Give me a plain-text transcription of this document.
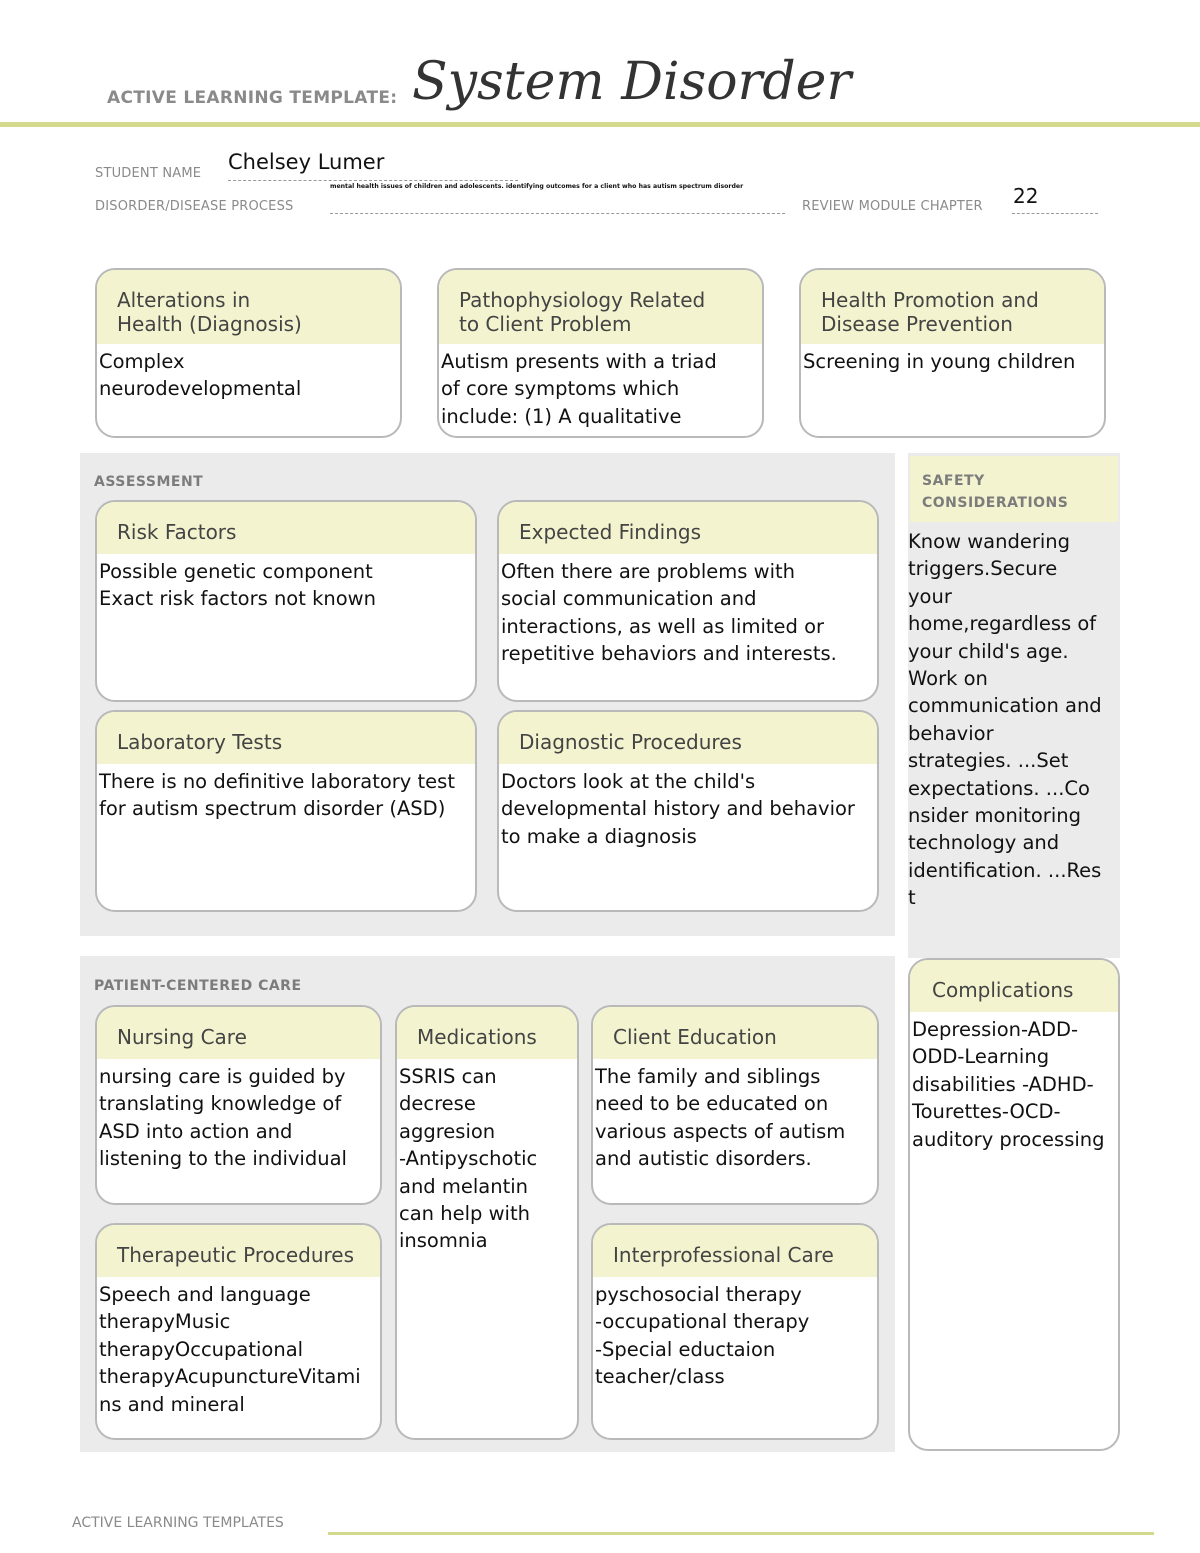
ACTIVE LEARNING TEMPLATE: System Disorder
STUDENT NAME Chelsey Lumer
DISORDER/DISEASE PROCESS
mental health issues of children and adolescents. identifying outcomes for a client who has autism spectrum disorder
REVIEW MODULE CHAPTER 22
Alterations in
Health (Diagnosis)
Complex
neurodevelopmental
Pathophysiology Related
to Client Problem
Autism presents with a triad
of core symptoms which
include: (1) A qualitative
Health Promotion and
Disease Prevention
Screening in young children
ASSESSMENT
Risk Factors
Possible genetic component
Exact risk factors not known
Expected Findings
Often there are problems with
social communication and
interactions, as well as limited or
repetitive behaviors and interests.
Laboratory Tests
There is no definitive laboratory test
for autism spectrum disorder (ASD)
Diagnostic Procedures
Doctors look at the child's
developmental history and behavior
to make a diagnosis
SAFETY
CONSIDERATIONS
Know wandering
triggers.Secure
your
home,regardless of
your child's age.
Work on
communication and
behavior
strategies. ...Set
expectations. ...Co
nsider monitoring
technology and
identification. ...Res
t
PATIENT-CENTERED CARE
Nursing Care
nursing care is guided by
translating knowledge of
ASD into action and
listening to the individual
Medications
SSRIS can
decrese
aggresion
-Antipyschotic
and melantin
can help with
insomnia
Client Education
The family and siblings
need to be educated on
various aspects of autism
and autistic disorders.
Therapeutic Procedures
Speech and language
therapyMusic
therapyOccupational
therapyAcupunctureVitami
ns and mineral
Interprofessional Care
pyschosocial therapy
-occupational therapy
-Special eductaion
teacher/class
Complications
Depression-ADD-
ODD-Learning
disabilities -ADHD-
Tourettes-OCD-
auditory processing
ACTIVE LEARNING TEMPLATES
